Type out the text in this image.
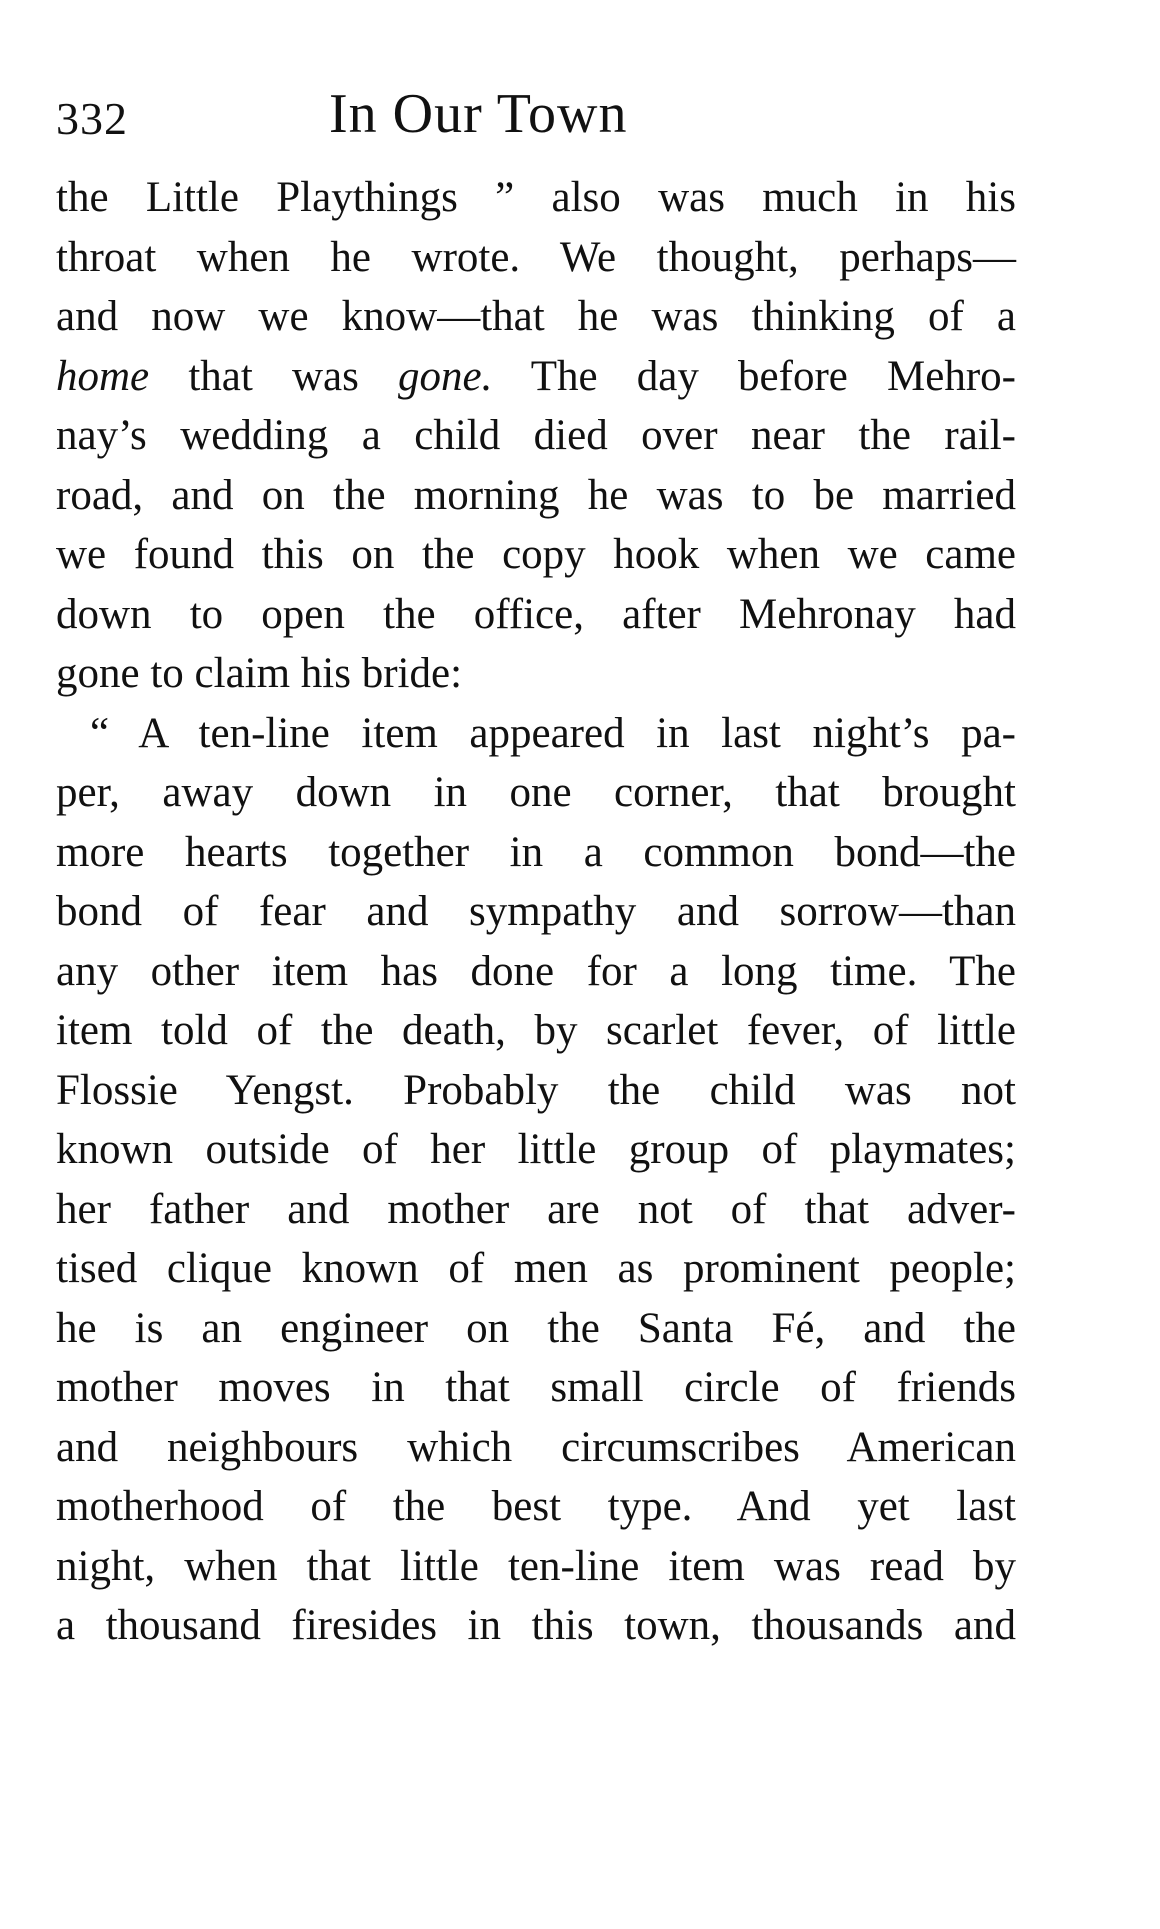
332	In Our Town
the Little Playthings ” also was much in his
throat when he wrote. We thought, perhaps—
and now we know—that he was thinking of a
home that was gone. The day before Mehro-
nay’s wedding a child died over near the rail-
road, and on the morning he was to be married
we found this on the copy hook when we came
down to open the office, after Mehronay had
gone to claim his bride:
“ A ten-line item appeared in last night’s pa-
per, away down in one corner, that brought
more hearts together in a common bond—the
bond of fear and sympathy and sorrow—than
any other item has done for a long time. The
item told of the death, by scarlet fever, of little
Flossie Yengst. Probably the child was not
known outside of her little group of playmates;
her father and mother are not of that adver-
tised clique known of men as prominent people;
he is an engineer on the Santa Fé, and the
mother moves in that small circle of friends
and neighbours which circumscribes American
motherhood of the best type. And yet last
night, when that little ten-line item was read by
a thousand firesides in this town, thousands and
